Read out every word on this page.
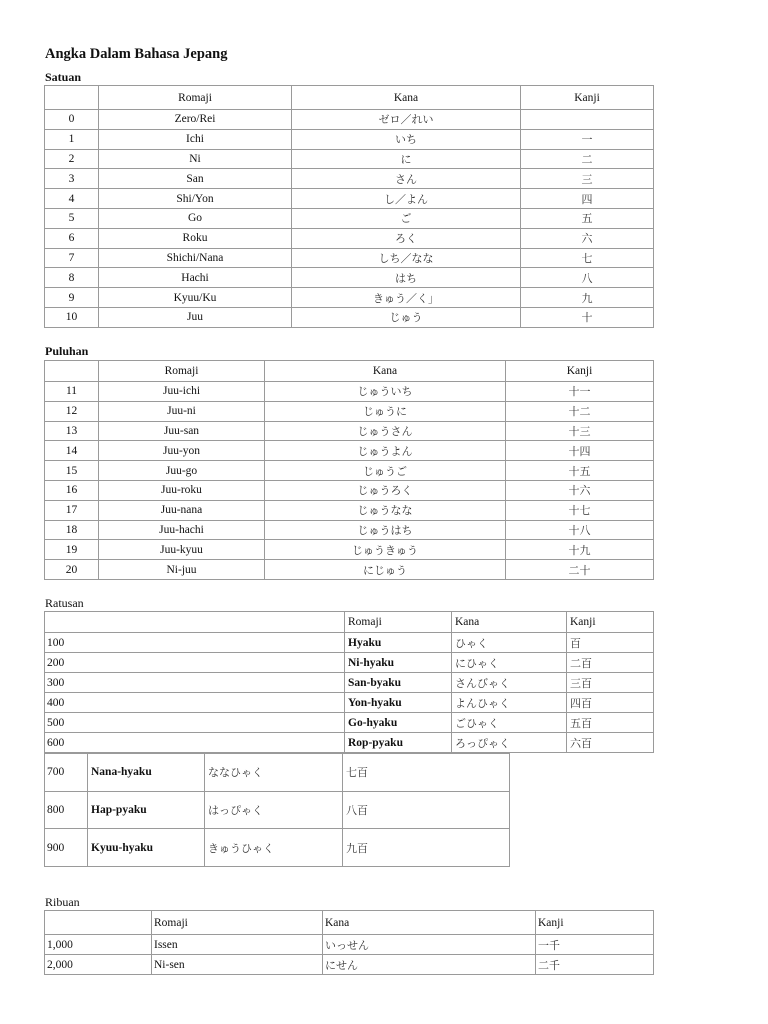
Angka Dalam Bahasa Jepang

Satuan

	Romaji	Kana	Kanji
0	Zero/Rei	ゼロ／れい	
1	Ichi	いち	一
2	Ni	に	二
3	San	さん	三
4	Shi/Yon	し／よん	四
5	Go	ご	五
6	Roku	ろく	六
7	Shichi/Nana	しち／なな	七
8	Hachi	はち	八
9	Kyuu/Ku	きゅう／く」	九
10	Juu	じゅう	十

Puluhan

	Romaji	Kana	Kanji
11	Juu-ichi	じゅういち	十一
12	Juu-ni	じゅうに	十二
13	Juu-san	じゅうさん	十三
14	Juu-yon	じゅうよん	十四
15	Juu-go	じゅうご	十五
16	Juu-roku	じゅうろく	十六
17	Juu-nana	じゅうなな	十七
18	Juu-hachi	じゅうはち	十八
19	Juu-kyuu	じゅうきゅう	十九
20	Ni-juu	にじゅう	二十

Ratusan

	Romaji	Kana	Kanji
100	Hyaku	ひゃく	百
200	Ni-hyaku	にひゃく	二百
300	San-byaku	さんびゃく	三百
400	Yon-hyaku	よんひゃく	四百
500	Go-hyaku	ごひゃく	五百
600	Rop-pyaku	ろっぴゃく	六百
700	Nana-hyaku	ななひゃく	七百
800	Hap-pyaku	はっぴゃく	八百
900	Kyuu-hyaku	きゅうひゃく	九百

Ribuan

	Romaji	Kana	Kanji
1,000	Issen	いっせん	一千
2,000	Ni-sen	にせん	二千
